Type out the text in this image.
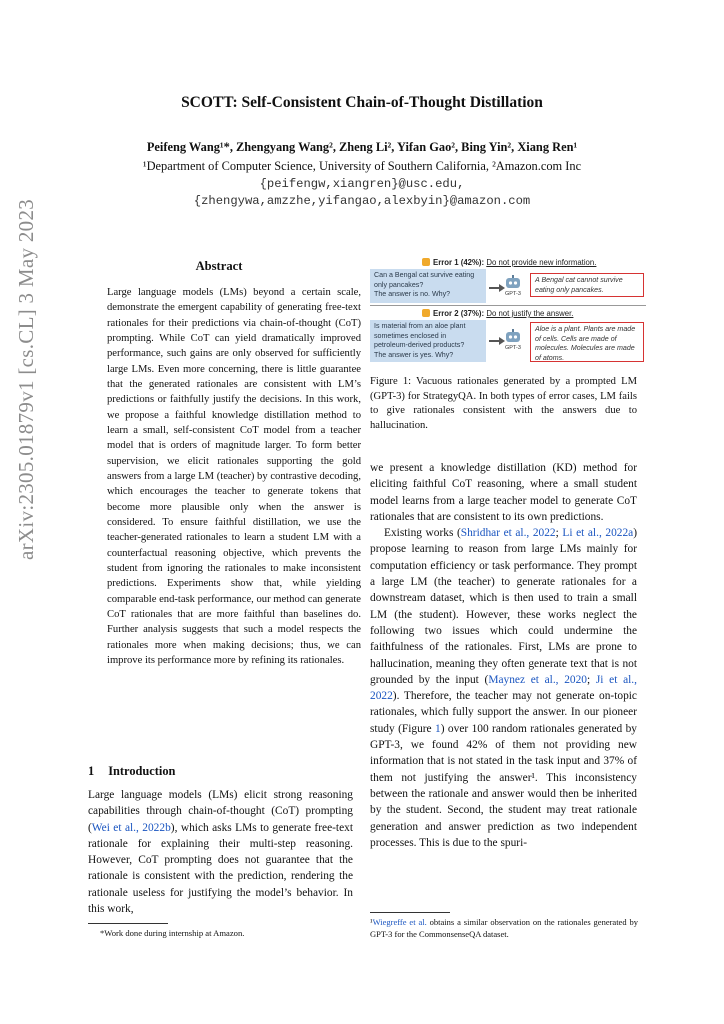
arXiv:2305.01879v1 [cs.CL] 3 May 2023
SCOTT: Self-Consistent Chain-of-Thought Distillation
Peifeng Wang¹*, Zhengyang Wang², Zheng Li², Yifan Gao², Bing Yin², Xiang Ren¹
¹Department of Computer Science, University of Southern California, ²Amazon.com Inc
{peifengw,xiangren}@usc.edu,
{zhengywa,amzzhe,yifangao,alexbyin}@amazon.com
Abstract
Large language models (LMs) beyond a certain scale, demonstrate the emergent capability of generating free-text rationales for their predictions via chain-of-thought (CoT) prompting. While CoT can yield dramatically improved performance, such gains are only observed for sufficiently large LMs. Even more concerning, there is little guarantee that the generated rationales are consistent with LM’s predictions or faithfully justify the decisions. In this work, we propose a faithful knowledge distillation method to learn a small, self-consistent CoT model from a teacher model that is orders of magnitude larger. To form better supervision, we elicit rationales supporting the gold answers from a large LM (teacher) by contrastive decoding, which encourages the teacher to generate tokens that become more plausible only when the answer is considered. To ensure faithful distillation, we use the teacher-generated rationales to learn a student LM with a counterfactual reasoning objective, which prevents the student from ignoring the rationales to make inconsistent predictions. Experiments show that, while yielding comparable end-task performance, our method can generate CoT rationales that are more faithful than baselines do. Further analysis suggests that such a model respects the rationales more when making decisions; thus, we can improve its performance more by refining its rationales.
1 Introduction
Large language models (LMs) elicit strong reasoning capabilities through chain-of-thought (CoT) prompting (Wei et al., 2022b), which asks LMs to generate free-text rationale for explaining their multi-step reasoning. However, CoT prompting does not guarantee that the rationale is consistent with the prediction, rendering the rationale useless for justifying the model’s behavior. In this work,
*Work done during internship at Amazon.
Error 1 (42%): Do not provide new information.
Can a Bengal cat survive eating only pancakes?
The answer is no. Why?	GPT-3
A Bengal cat cannot survive eating only pancakes.
Error 2 (37%): Do not justify the answer.
Is material from an aloe plant sometimes enclosed in petroleum-derived products?
The answer is yes. Why?
GPT-3
Aloe is a plant. Plants are made of cells. Cells are made of molecules. Molecules are made of atoms.
Figure 1: Vacuous rationales generated by a prompted LM (GPT-3) for StrategyQA. In both types of error cases, LM fails to give rationales consistent with the answers due to hallucination.

we present a knowledge distillation (KD) method for eliciting faithful CoT reasoning, where a small student model learns from a large teacher model to generate CoT rationales that are consistent to its own predictions.

Existing works (Shridhar et al., 2022; Li et al., 2022a) propose learning to reason from large LMs mainly for computation efficiency or task performance. They prompt a large LM (the teacher) to generate rationales for a downstream dataset, which is then used to train a small LM (the student). However, these works neglect the following two issues which could undermine the faithfulness of the rationales. First, LMs are prone to hallucination, meaning they often generate text that is not grounded by the input (Maynez et al., 2020; Ji et al., 2022). Therefore, the teacher may not generate on-topic rationales, which fully support the answer. In our pioneer study (Figure 1) over 100 random rationales generated by GPT-3, we found 42% of them not providing new information that is not stated in the task input and 37% of them not justifying the answer¹. This inconsistency between the rationale and answer would then be inherited by the student. Second, the student may treat rationale generation and answer prediction as two independent processes. This is due to the spuri-

¹Wiegreffe et al. obtains a similar observation on the rationales generated by GPT-3 for the CommonsenseQA dataset.
